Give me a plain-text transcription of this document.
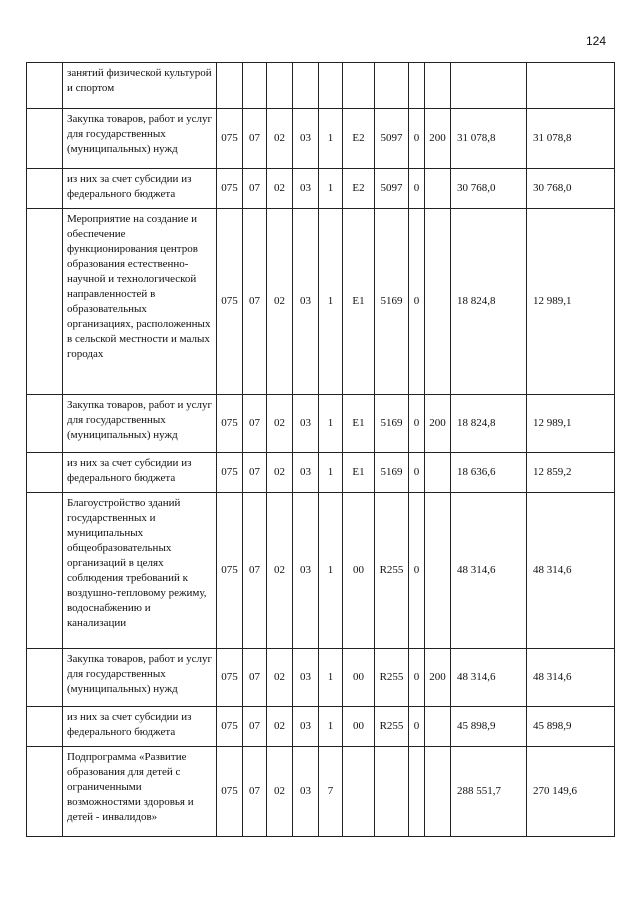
124
	занятий физической культурой и спортом											
	Закупка товаров, работ и услуг для государственных (муниципальных) нужд	075	07	02	03	1	E2	5097	0	200	31 078,8	31 078,8
	из них за счет субсидии из федерального бюджета	075	07	02	03	1	E2	5097	0		30 768,0	30 768,0
	Мероприятие на создание и обеспечение функционирования центров образования естественно-научной и технологической направленностей в образовательных организациях, расположенных в сельской местности и малых городах	075	07	02	03	1	E1	5169	0		18 824,8	12 989,1
	Закупка товаров, работ и услуг для государственных (муниципальных) нужд	075	07	02	03	1	E1	5169	0	200	18 824,8	12 989,1
	из них за счет субсидии из федерального бюджета	075	07	02	03	1	E1	5169	0		18 636,6	12 859,2
	Благоустройство зданий государственных и муниципальных общеобразовательных организаций в целях соблюдения требований к воздушно-тепловому режиму, водоснабжению и канализации	075	07	02	03	1	00	R255	0		48 314,6	48 314,6
	Закупка товаров, работ и услуг для государственных (муниципальных) нужд	075	07	02	03	1	00	R255	0	200	48 314,6	48 314,6
	из них за счет субсидии из федерального бюджета	075	07	02	03	1	00	R255	0		45 898,9	45 898,9
	Подпрограмма «Развитие образования для детей с ограниченными возможностями здоровья и детей - инвалидов»	075	07	02	03	7					288 551,7	270 149,6
